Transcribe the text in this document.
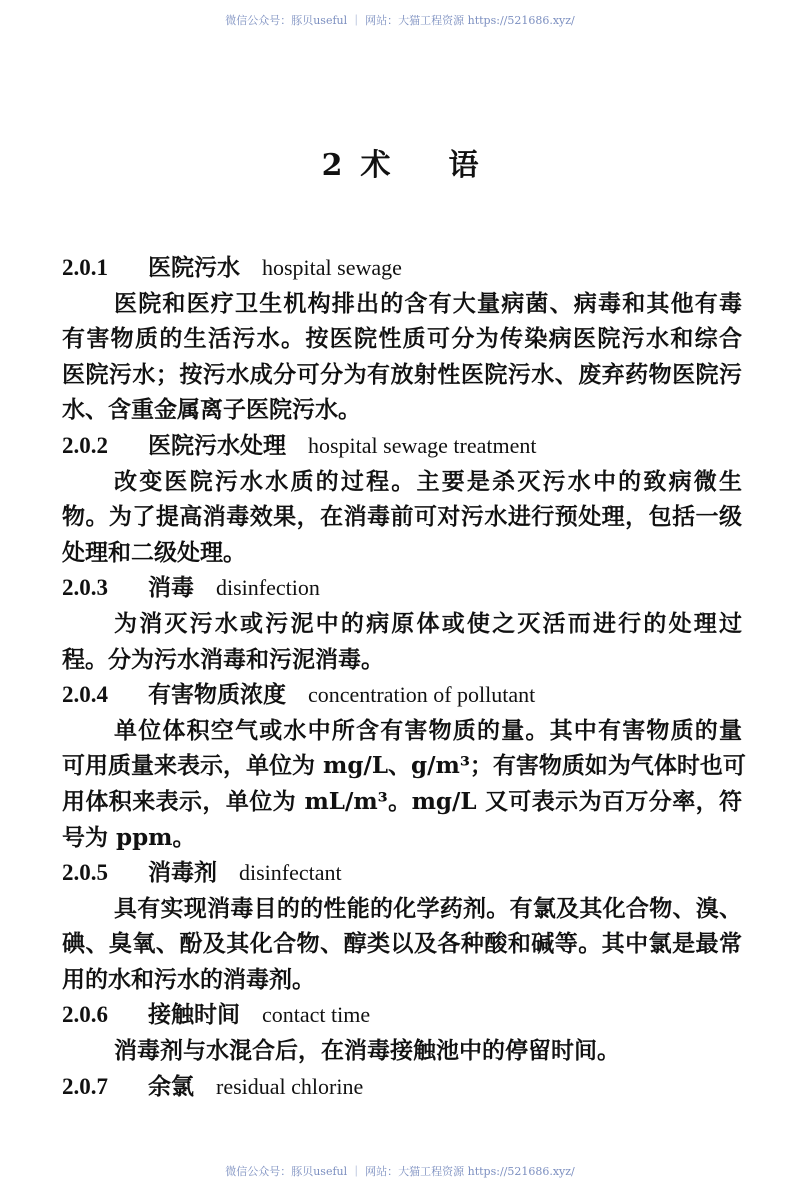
微信公众号：豚贝useful ｜ 网站：大猫工程资源 https://521686.xyz/
2 术 语
2.0.1 医院污水 hospital sewage
医院和医疗卫生机构排出的含有大量病菌、病毒和其他有毒
有害物质的生活污水。按医院性质可分为传染病医院污水和综合
医院污水；按污水成分可分为有放射性医院污水、废弃药物医院污
水、含重金属离子医院污水。
2.0.2 医院污水处理 hospital sewage treatment
改变医院污水水质的过程。主要是杀灭污水中的致病微生
物。为了提高消毒效果，在消毒前可对污水进行预处理，包括一级
处理和二级处理。
2.0.3 消毒 disinfection
为消灭污水或污泥中的病原体或使之灭活而进行的处理过
程。分为污水消毒和污泥消毒。
2.0.4 有害物质浓度 concentration of pollutant
单位体积空气或水中所含有害物质的量。其中有害物质的量
可用质量来表示，单位为 mg/L、g/m³；有害物质如为气体时也可
用体积来表示，单位为 mL/m³。mg/L 又可表示为百万分率，符
号为 ppm。
2.0.5 消毒剂 disinfectant
具有实现消毒目的的性能的化学药剂。有氯及其化合物、溴、
碘、臭氧、酚及其化合物、醇类以及各种酸和碱等。其中氯是最常
用的水和污水的消毒剂。
2.0.6 接触时间 contact time
消毒剂与水混合后，在消毒接触池中的停留时间。
2.0.7 余氯 residual chlorine
微信公众号：豚贝useful ｜ 网站：大猫工程资源 https://521686.xyz/
